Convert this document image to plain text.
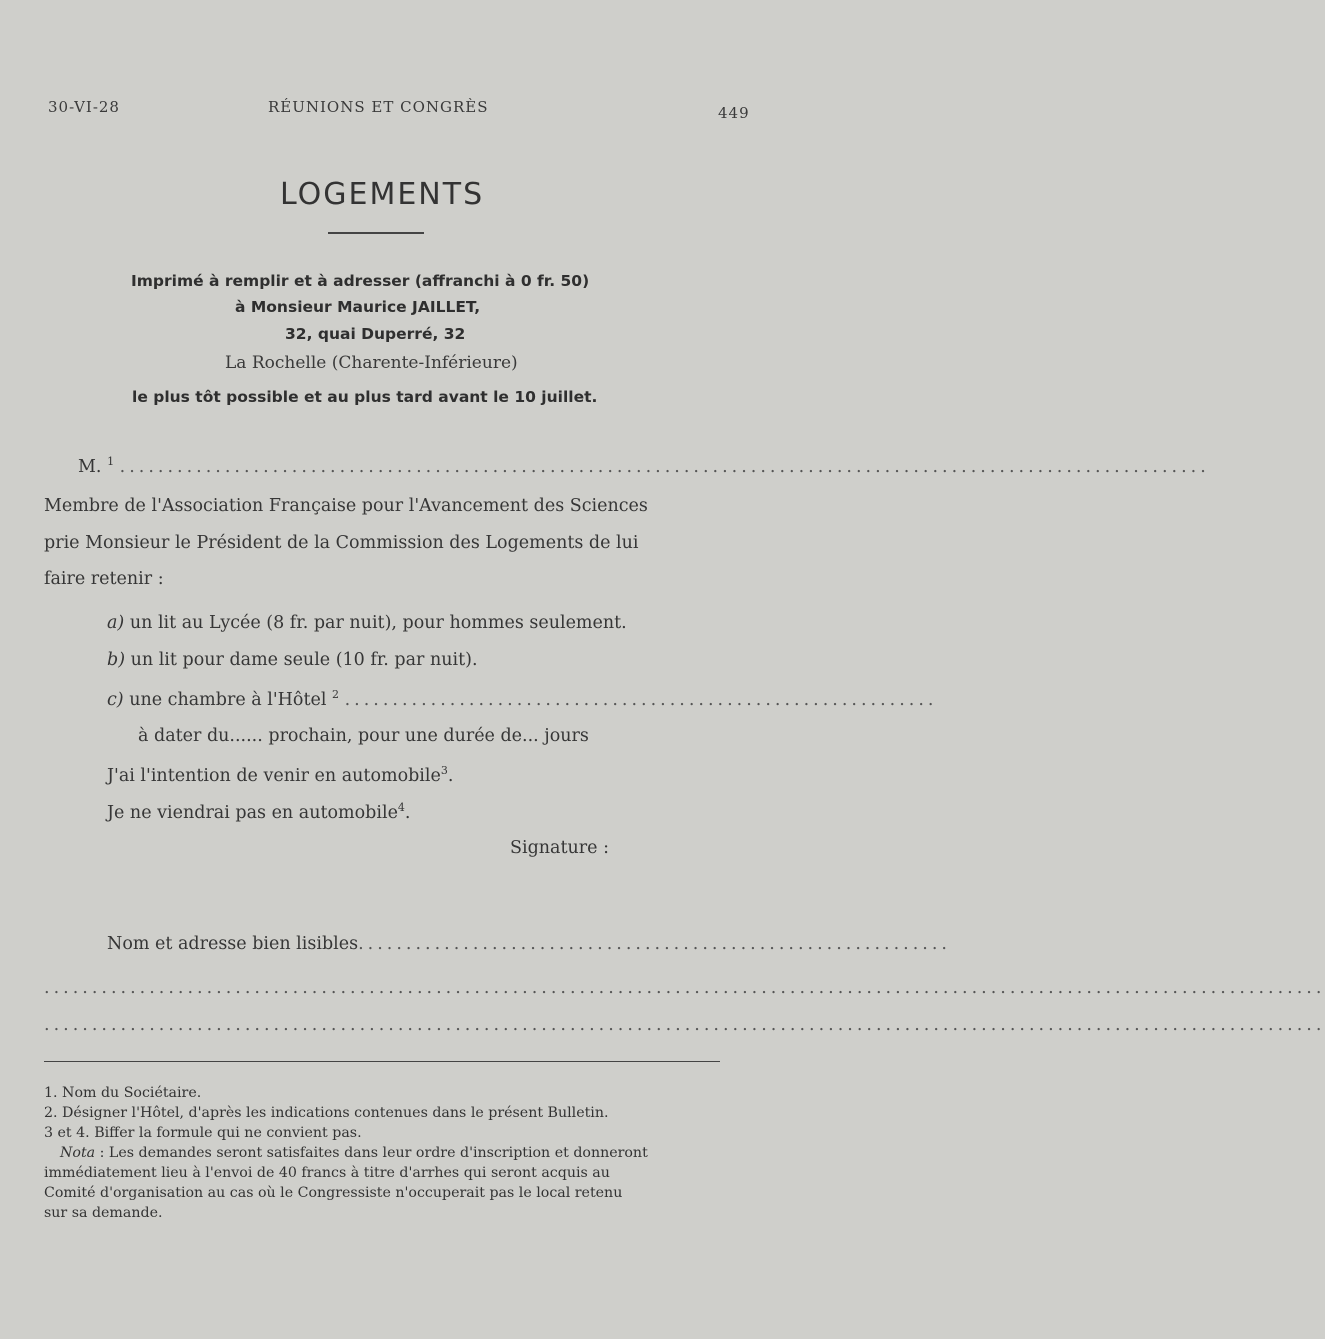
30-VI-28	RÉUNIONS ET CONGRÈS	449
LOGEMENTS
Imprimé à remplir et à adresser (affranchi à 0 fr. 50)
à Monsieur Maurice JAILLET,
32, quai Duperré, 32
La Rochelle (Charente-Inférieure)
le plus tôt possible et au plus tard avant le 10 juillet.
M. $^1$ ..................................................................................................................
Membre de l'Association Française pour l'Avancement des Sciences
prie Monsieur le Président de la Commission des Logements de lui
faire retenir :
a) un lit au Lycée (8 fr. par nuit), pour hommes seulement.
b) un lit pour dame seule (10 fr. par nuit).
c) une chambre à l'Hôtel $^2$ ..............................................................
à dater du...... prochain, pour une durée de... jours
J'ai l'intention de venir en automobile$^3$.
Je ne viendrai pas en automobile$^4$.
Signature :
Nom et adresse bien lisibles..............................................................
......................................................................................................................................
......................................................................................................................................
1. Nom du Sociétaire.
2. Désigner l'Hôtel, d'après les indications contenues dans le présent Bulletin.
3 et 4. Biffer la formule qui ne convient pas.
Nota : Les demandes seront satisfaites dans leur ordre d'inscription et donneront
immédiatement lieu à l'envoi de 40 francs à titre d'arrhes qui seront acquis au
Comité d'organisation au cas où le Congressiste n'occuperait pas le local retenu
sur sa demande.
